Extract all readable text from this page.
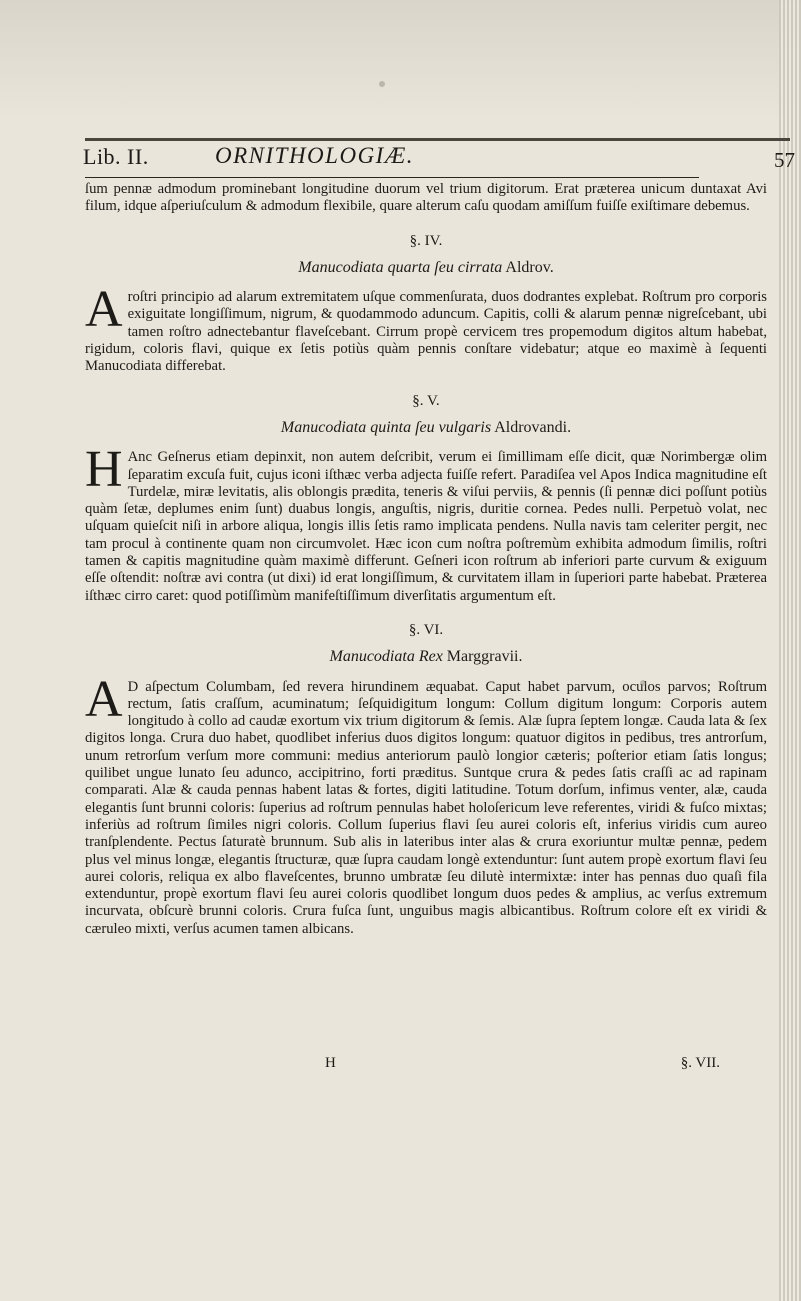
Lib. II.	ORNITHOLOGIÆ.	57

ſum pennæ admodum prominebant longitudine duorum vel trium digitorum. Erat præterea unicum duntaxat Avi filum, idque aſperiuſculum & admodum flexibile, quare alterum caſu quodam amiſſum fuiſſe exiſtimare debemus.

§. IV.
Manucodiata quarta ſeu cirrata Aldrov.

A roſtri principio ad alarum extremitatem uſque commenſurata, duos dodrantes explebat. Roſtrum pro corporis exiguitate longiſſimum, nigrum, & quodammodo aduncum. Capitis, colli & alarum pennæ nigreſcebant, ubi tamen roſtro adnectebantur flaveſcebant. Cirrum propè cervicem tres propemodum digitos altum habebat, rigidum, coloris flavi, quique ex ſetis potiùs quàm pennis conſtare videbatur; atque eo maximè à ſequenti Manucodiata differebat.

§. V.
Manucodiata quinta ſeu vulgaris Aldrovandi.

H Anc Geſnerus etiam depinxit, non autem deſcribit, verum ei ſimillimam eſſe dicit, quæ Norimbergæ olim ſeparatim excuſa fuit, cujus iconi iſthæc verba adjecta fuiſſe refert. Paradiſea vel Apos Indica magnitudine eſt Turdelæ, miræ levitatis, alis oblongis prædita, teneris & viſui perviis, & pennis (ſi pennæ dici poſſunt potiùs quàm ſetæ, deplumes enim ſunt) duabus longis, anguſtis, nigris, duritie cornea. Pedes nulli. Perpetuò volat, nec uſquam quieſcit niſi in arbore aliqua, longis illis ſetis ramo implicata pendens. Nulla navis tam celeriter pergit, nec tam procul à continente quam non circumvolet. Hæc icon cum noſtra poſtremùm exhibita admodum ſimilis, roſtri tamen & capitis magnitudine quàm maximè differunt. Geſneri icon roſtrum ab inferiori parte curvum & exiguum eſſe oſtendit: noſtræ avi contra (ut dixi) id erat longiſſimum, & curvitatem illam in ſuperiori parte habebat. Præterea iſthæc cirro caret: quod potiſſimùm manifeſtiſſimum diverſitatis argumentum eſt.

§. VI.
Manucodiata Rex Marggravii.

A D aſpectum Columbam, ſed revera hirundinem æquabat. Caput habet parvum, oculos parvos; Roſtrum rectum, ſatis craſſum, acuminatum; ſeſquidigitum longum: Collum digitum longum: Corporis autem longitudo à collo ad caudæ exortum vix trium digitorum & ſemis. Alæ ſupra ſeptem longæ. Cauda lata & ſex digitos longa. Crura duo habet, quodlibet inferius duos digitos longum: quatuor digitos in pedibus, tres antrorſum, unum retrorſum verſum more communi: medius anteriorum paulò longior cæteris; poſterior etiam ſatis longus; quilibet ungue lunato ſeu adunco, accipitrino, forti præditus. Suntque crura & pedes ſatis craſſi ac ad rapinam comparati. Alæ & cauda pennas habent latas & fortes, digiti latitudine. Totum dorſum, infimus venter, alæ, cauda elegantis ſunt brunni coloris: ſuperius ad roſtrum pennulas habet holoſericum leve referentes, viridi & fuſco mixtas; inferiùs ad roſtrum ſimiles nigri coloris. Collum ſuperius flavi ſeu aurei coloris eſt, inferius viridis cum aureo tranſplendente. Pectus ſaturatè brunnum. Sub alis in lateribus inter alas & crura exoriuntur multæ pennæ, pedem plus vel minus longæ, elegantis ſtructuræ, quæ ſupra caudam longè extenduntur: ſunt autem propè exortum flavi ſeu aurei coloris, reliqua ex albo flaveſcentes, brunno umbratæ ſeu dilutè intermixtæ: inter has pennas duo quaſi fila extenduntur, propè exortum flavi ſeu aurei coloris quodlibet longum duos pedes & amplius, ac verſus extremum incurvata, obſcurè brunni coloris. Crura fuſca ſunt, unguibus magis albicantibus. Roſtrum colore eſt ex viridi & cæruleo mixti, verſus acumen tamen albicans.

H	§. VII.
